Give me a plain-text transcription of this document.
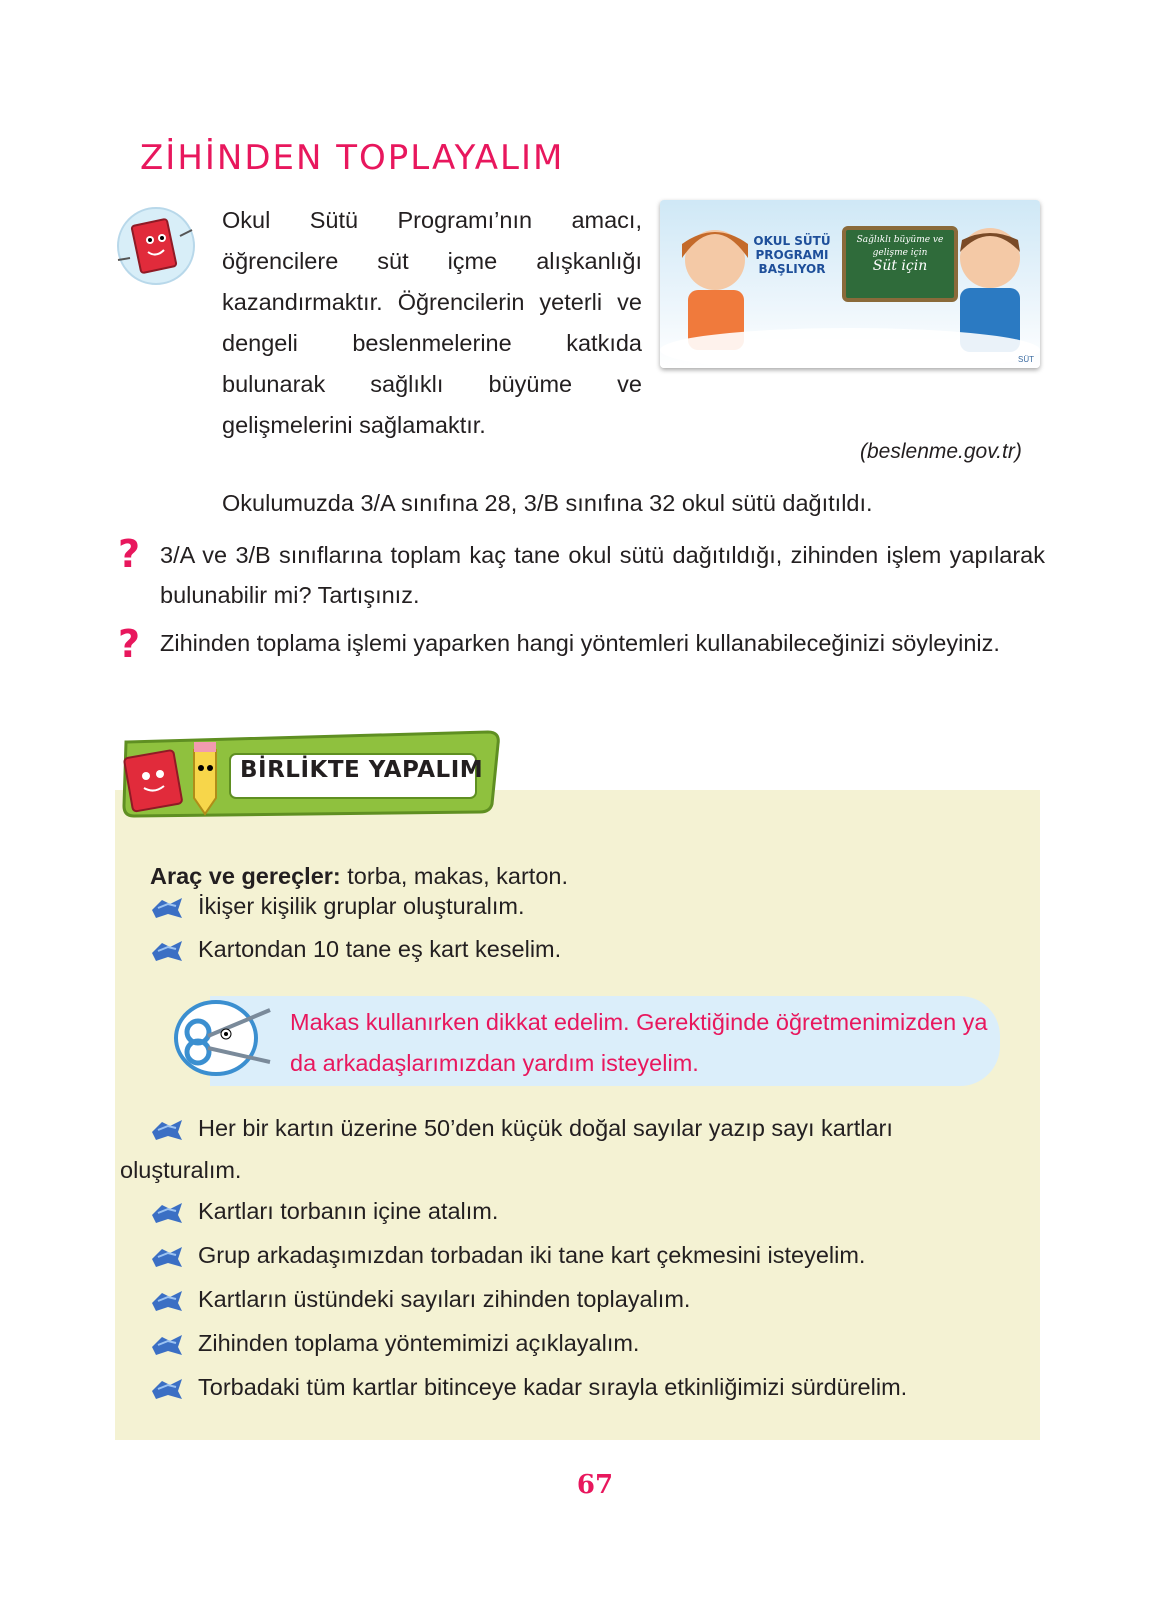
ZİHİNDEN TOPLAYALIM
Okul Sütü Programı’nın amacı, öğrencilere süt içme alışkanlığı kazandırmaktır. Öğrencilerin yeterli ve dengeli beslenmelerine katkıda bulunarak sağlıklı büyüme ve gelişmelerini sağlamaktır.
OKUL SÜTÜ
PROGRAMI
BAŞLIYOR
Sağlıklı büyüme ve
gelişme için
Süt için
SÜT
(beslenme.gov.tr)
Okulumuzda 3/A sınıfına 28, 3/B sınıfına 32 okul sütü dağıtıldı.
? 3/A ve 3/B sınıflarına toplam kaç tane okul sütü dağıtıldığı, zihinden işlem yapılarak bulunabilir mi? Tartışınız.
? Zihinden toplama işlemi yaparken hangi yöntemleri kullanabileceğinizi söyleyiniz.
BİRLİKTE YAPALIM
Araç ve gereçler: torba, makas, karton.
İkişer kişilik gruplar oluşturalım.
Kartondan 10 tane eş kart keselim.
Makas kullanırken dikkat edelim. Gerektiğinde öğretmenimizden ya da arkadaşlarımızdan yardım isteyelim.
Her bir kartın üzerine 50’den küçük doğal sayılar yazıp sayı kartları
oluşturalım.
Kartları torbanın içine atalım.
Grup arkadaşımızdan torbadan iki tane kart çekmesini isteyelim.
Kartların üstündeki sayıları zihinden toplayalım.
Zihinden toplama yöntemimizi açıklayalım.
Torbadaki tüm kartlar bitinceye kadar sırayla etkinliğimizi sürdürelim.
67
